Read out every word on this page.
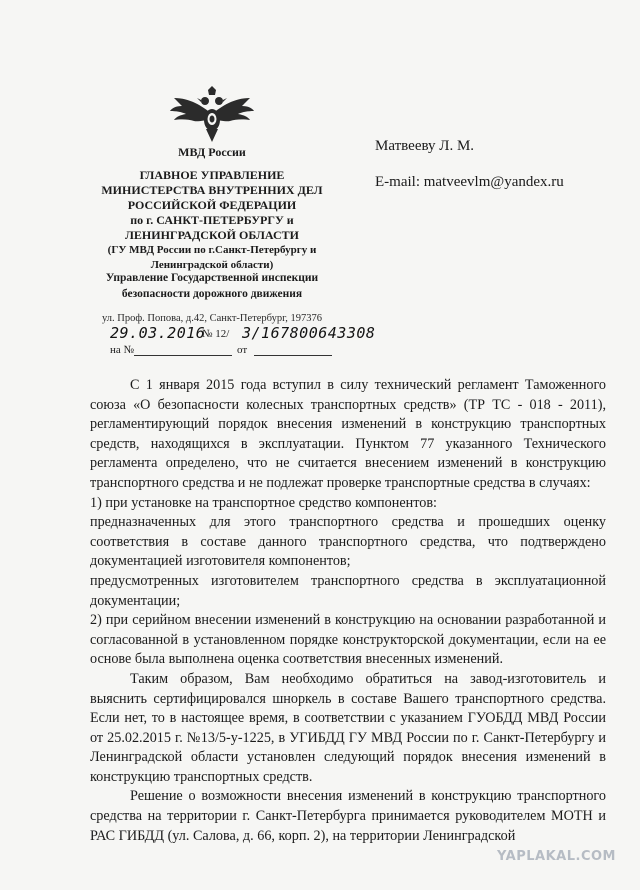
МВД России
ГЛАВНОЕ УПРАВЛЕНИЕ
МИНИСТЕРСТВА ВНУТРЕННИХ ДЕЛ
РОССИЙСКОЙ ФЕДЕРАЦИИ
по г. САНКТ-ПЕТЕРБУРГУ и
ЛЕНИНГРАДСКОЙ ОБЛАСТИ
(ГУ МВД России по г.Санкт-Петербургу и
Ленинградской области)
Управление Государственной инспекции
безопасности дорожного движения
ул. Проф. Попова, д.42, Санкт-Петербург, 197376
29.03.2016
№ 12/ 3/167800643308
на №	от
Матвееву Л. М.
E-mail: matveevlm@yandex.ru

С 1 января 2015 года вступил в силу технический регламент Таможенного союза «О безопасности колесных транспортных средств» (ТР ТС - 018 - 2011), регламентирующий порядок внесения изменений в конструкцию транспортных средств, находящихся в эксплуатации. Пунктом 77 указанного Технического регламента определено, что не считается внесением изменений в конструкцию транспортного средства и не подлежат проверке транспортные средства в случаях:

1) при установке на транспортное средство компонентов:

предназначенных для этого транспортного средства и прошедших оценку соответствия в составе данного транспортного средства, что подтверждено документацией изготовителя компонентов;

предусмотренных изготовителем транспортного средства в эксплуатационной документации;

2) при серийном внесении изменений в конструкцию на основании разработанной и согласованной в установленном порядке конструкторской документации, если на ее основе была выполнена оценка соответствия внесенных изменений.

Таким образом, Вам необходимо обратиться на завод-изготовитель и выяснить сертифицировался шноркель в составе Вашего транспортного средства. Если нет, то в настоящее время, в соответствии с указанием ГУОБДД МВД России от 25.02.2015 г. №13/5-у-1225, в УГИБДД ГУ МВД России по г. Санкт-Петербургу и Ленинградской области установлен следующий порядок внесения изменений в конструкцию транспортных средств.

Решение о возможности внесения изменений в конструкцию транспортного средства на территории г. Санкт-Петербурга принимается руководителем МОТН и РАС ГИБДД (ул. Салова, д. 66, корп. 2), на территории Ленинградской

YAPLAKAL.COM
